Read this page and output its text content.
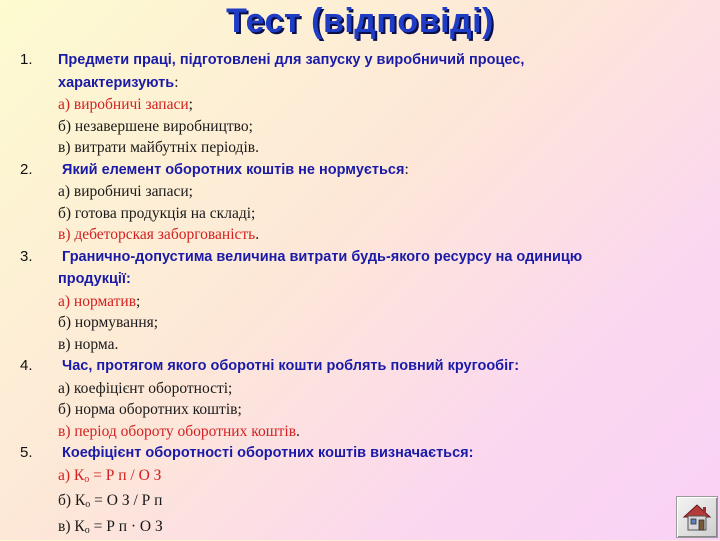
Тест (відповіді)
1. Предмети праці, підготовлені для запуску у виробничий процес,
характеризують:
а) виробничі запаси;
б) незавершене виробництво;
в) витрати майбутніх періодів.
2. Який елемент оборотних коштів не нормується:
а) виробничі запаси;
б) готова продукція на складі;
в) дебеторская заборгованість.
3. Гранично-допустима величина витрати будь-якого ресурсу на одиницю
продукції:
а) норматив;
б) нормування;
в) норма.
4. Час, протягом якого оборотні кошти роблять повний кругообіг:
а) коефіцієнт оборотності;
б) норма оборотних коштів;
в) період обороту оборотних коштів.
5. Коефіцієнт оборотності оборотних коштів визначається:
а) $К_о = Р$ п / О З
б) $К_о = О$ З / Р п
в) $К_о = Р$ п · О З
